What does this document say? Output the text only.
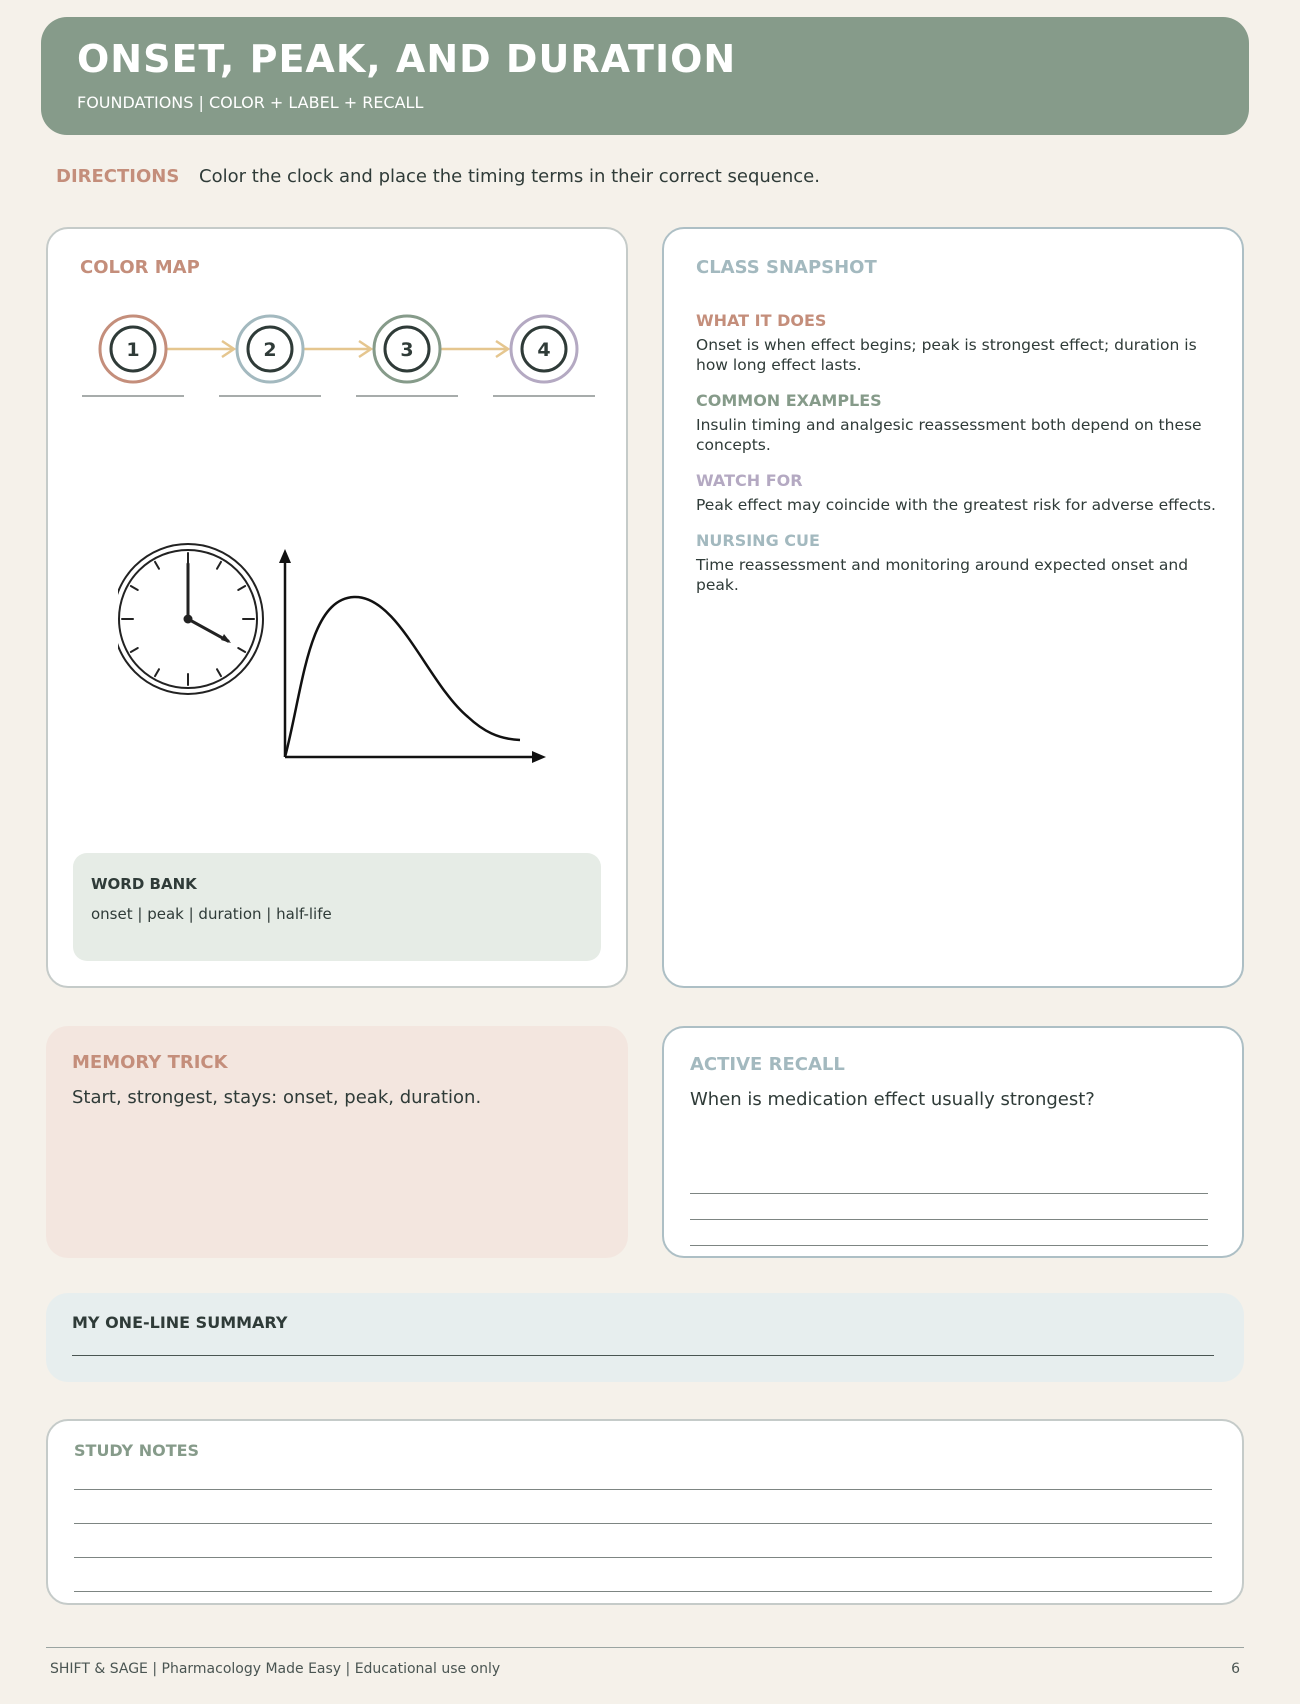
ONSET, PEAK, AND DURATION
FOUNDATIONS | COLOR + LABEL + RECALL
DIRECTIONS Color the clock and place the timing terms in their correct sequence.
COLOR MAP
1	2	3	4
WORD BANK
onset | peak | duration | half-life
CLASS SNAPSHOT
WHAT IT DOES
Onset is when effect begins; peak is strongest effect; duration is how long effect lasts.
COMMON EXAMPLES
Insulin timing and analgesic reassessment both depend on these concepts.
WATCH FOR
Peak effect may coincide with the greatest risk for adverse effects.
NURSING CUE
Time reassessment and monitoring around expected onset and peak.
MEMORY TRICK
Start, strongest, stays: onset, peak, duration.
ACTIVE RECALL
When is medication effect usually strongest?
MY ONE-LINE SUMMARY
STUDY NOTES
SHIFT & SAGE | Pharmacology Made Easy | Educational use only	6
